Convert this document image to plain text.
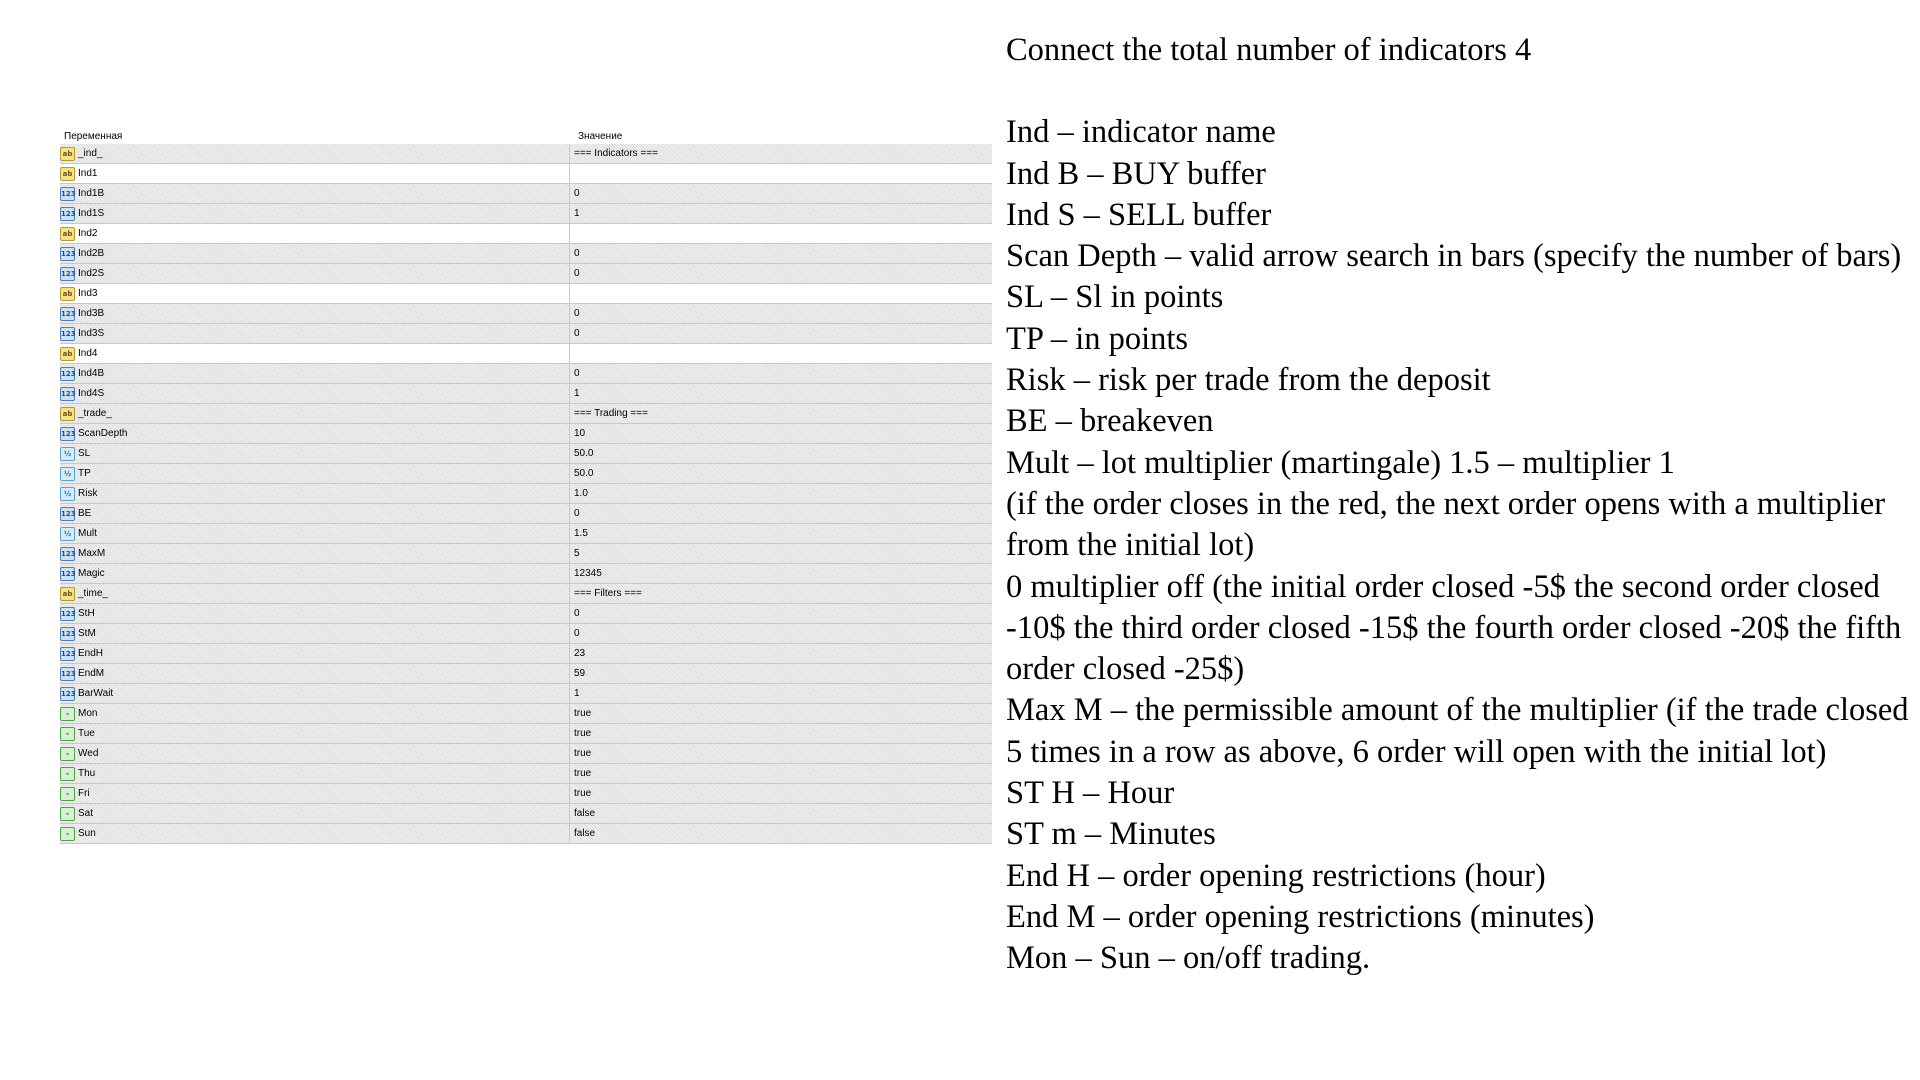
Переменная	Значение
ab _ind_	=== Indicators ===
ab Ind1
123 Ind1B	0
123 Ind1S	1
ab Ind2
123 Ind2B	0
123 Ind2S	0
ab Ind3
123 Ind3B	0
123 Ind3S	0
ab Ind4
123 Ind4B	0
123 Ind4S	1
ab _trade_	=== Trading ===
123 ScanDepth	10
½ SL	50.0
½ TP	50.0
½ Risk	1.0
123 BE	0
½ Mult	1.5
123 MaxM	5
123 Magic	12345
ab _time_	=== Filters ===
123 StH	0
123 StM	0
123 EndH	23
123 EndM	59
123 BarWait	1
⌁ Mon	true
⌁ Tue	true
⌁ Wed	true
⌁ Thu	true
⌁ Fri	true
⌁ Sat	false
⌁ Sun	false
Connect the total number of indicators 4
Ind – indicator name
Ind B – BUY buffer
Ind S – SELL buffer
Scan Depth – valid arrow search in bars (specify the number of bars)
SL – Sl in points
TP – in points
Risk – risk per trade from the deposit
BE – breakeven
Mult – lot multiplier (martingale) 1.5 – multiplier 1
(if the order closes in the red, the next order opens with a multiplier from the initial lot)
0 multiplier off (the initial order closed -5$ the second order closed -10$ the third order closed -15$ the fourth order closed -20$ the fifth order closed -25$)
Max M – the permissible amount of the multiplier (if the trade closed 5 times in a row as above, 6 order will open with the initial lot)
ST H – Hour
ST m – Minutes
End H – order opening restrictions (hour)
End M – order opening restrictions (minutes)
Mon – Sun – on/off trading.
